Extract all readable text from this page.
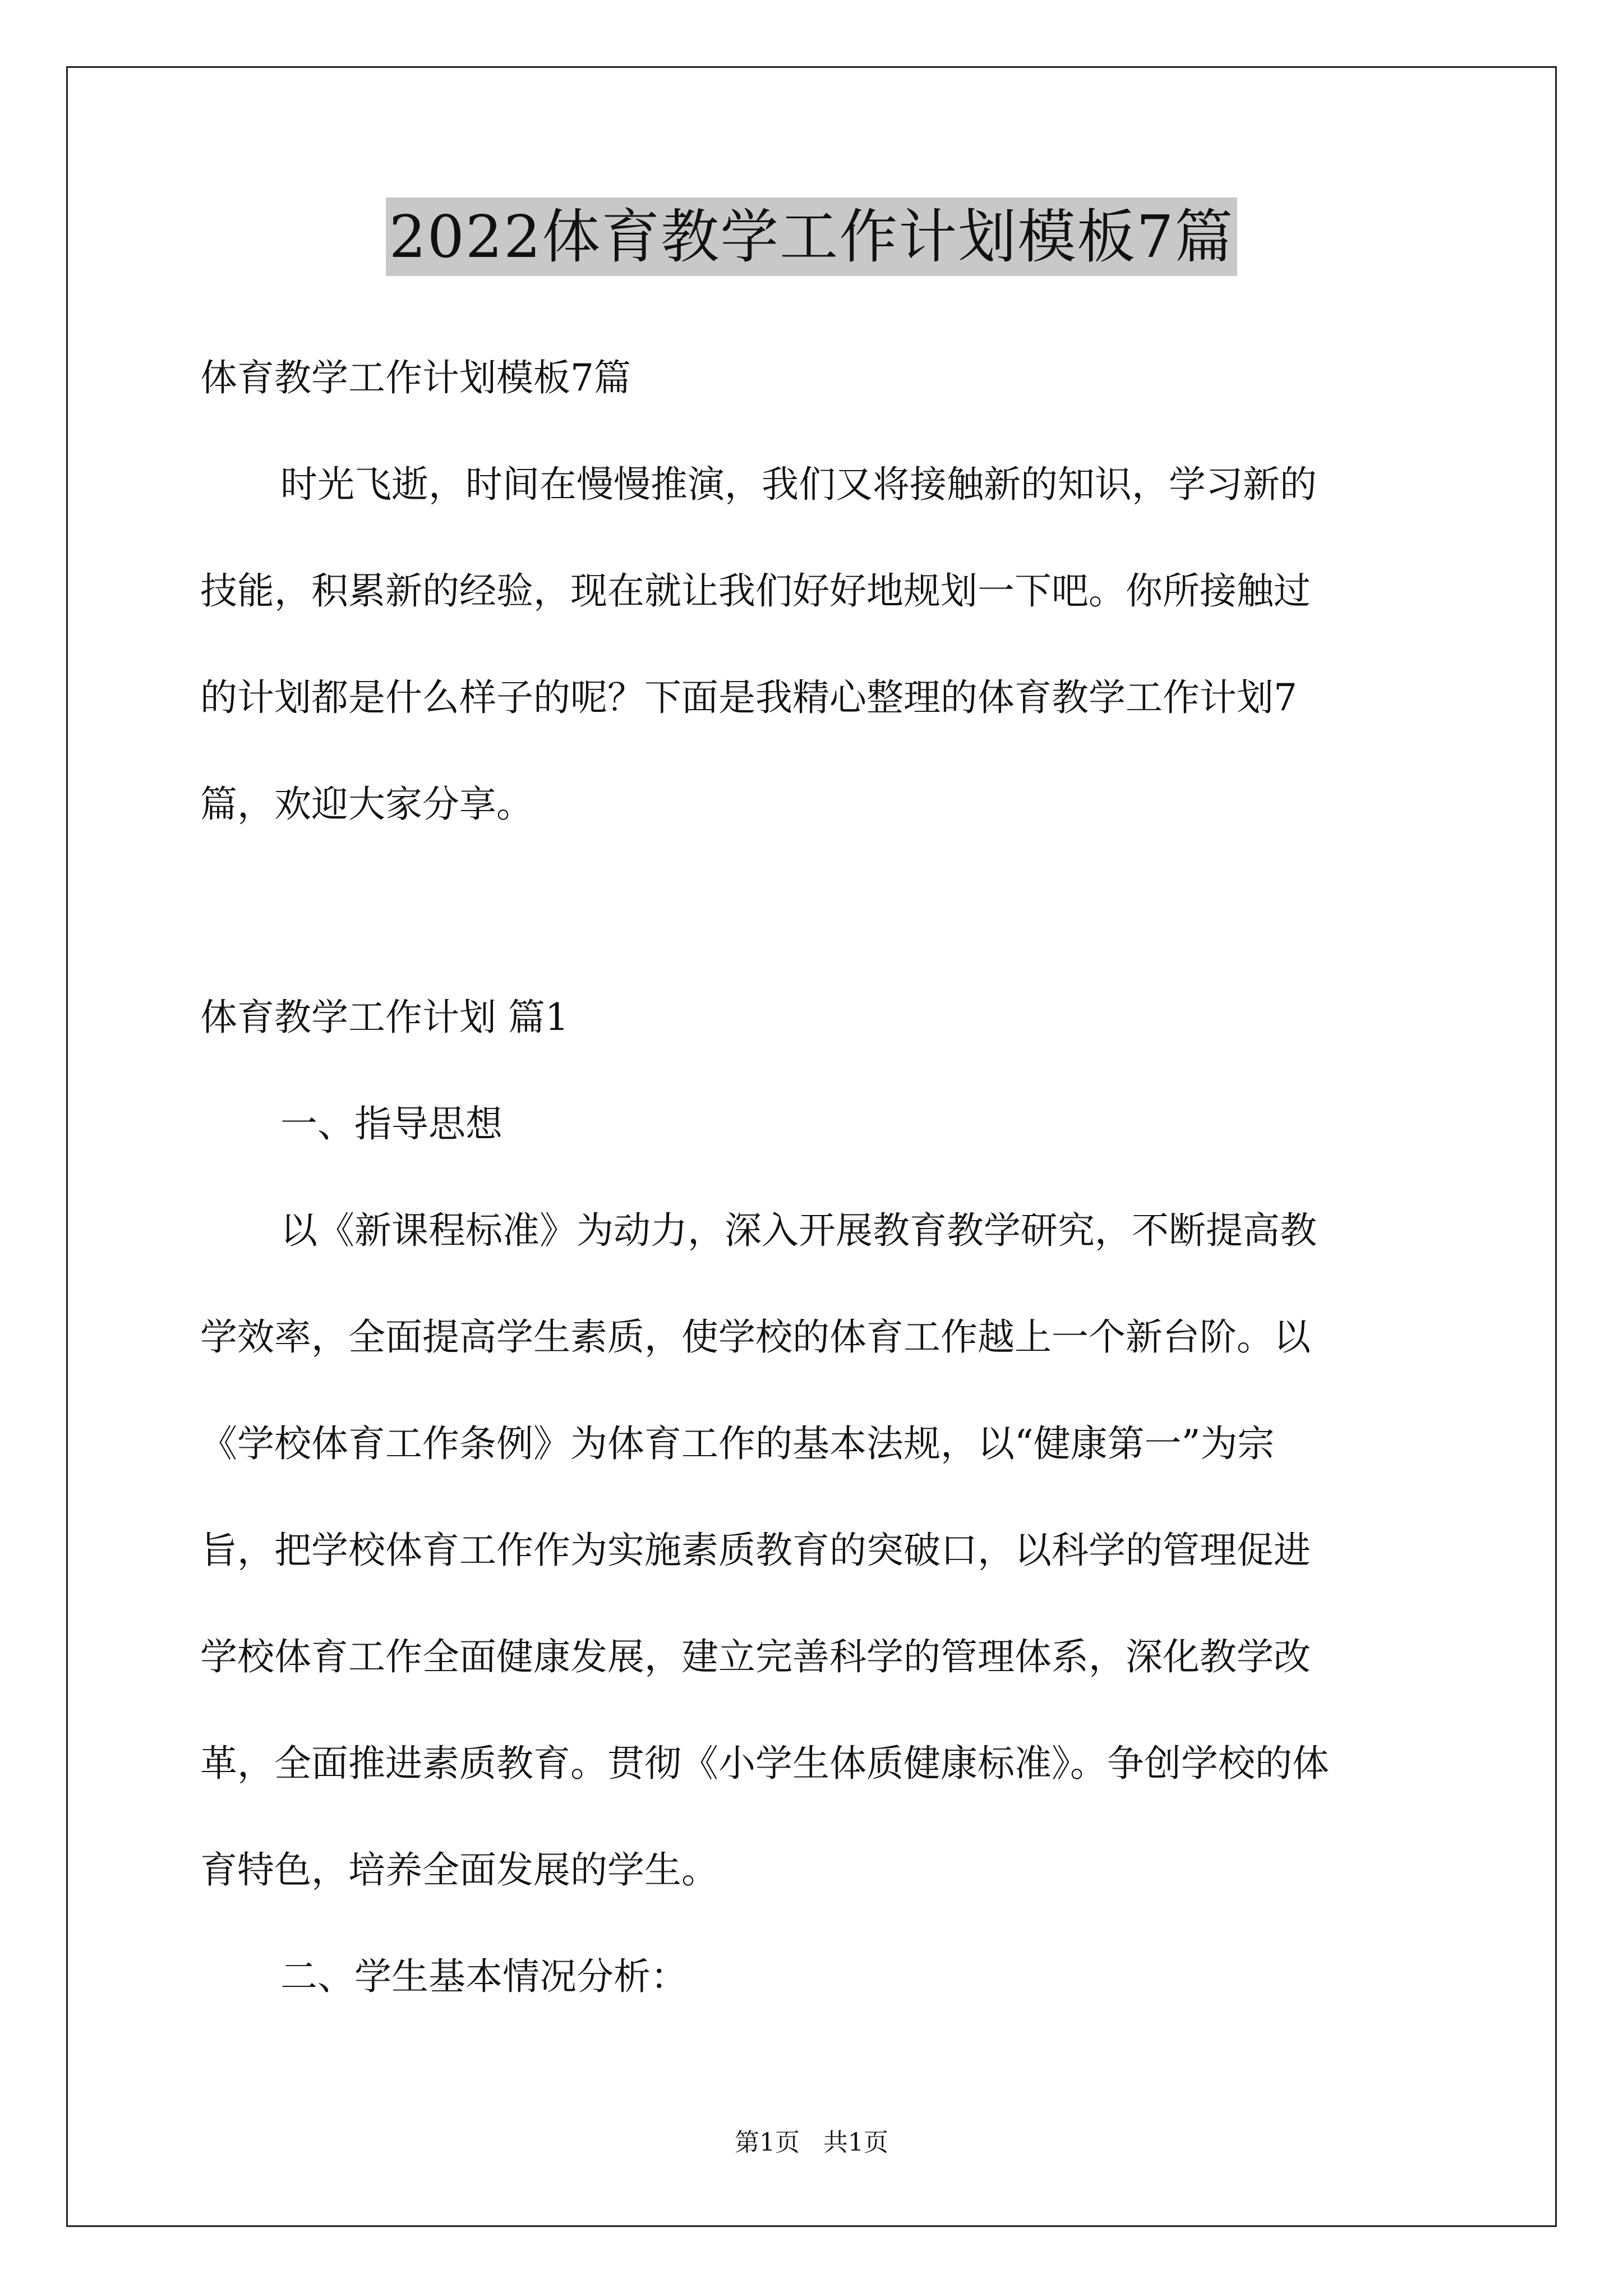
2022体育教学工作计划模板7篇
体育教学工作计划模板7篇
时光飞逝，时间在慢慢推演，我们又将接触新的知识，学习新的
技能，积累新的经验，现在就让我们好好地规划一下吧。你所接触过
的计划都是什么样子的呢？下面是我精心整理的体育教学工作计划7
篇，欢迎大家分享。
体育教学工作计划 篇1
一、指导思想
以《新课程标准》为动力，深入开展教育教学研究，不断提高教
学效率，全面提高学生素质，使学校的体育工作越上一个新台阶。以
《学校体育工作条例》为体育工作的基本法规，以“健康第一”为宗
旨，把学校体育工作作为实施素质教育的突破口，以科学的管理促进
学校体育工作全面健康发展，建立完善科学的管理体系，深化教学改
革，全面推进素质教育。贯彻《小学生体质健康标准》。争创学校的体
育特色，培养全面发展的学生。
二、学生基本情况分析：
第1页 共1页
